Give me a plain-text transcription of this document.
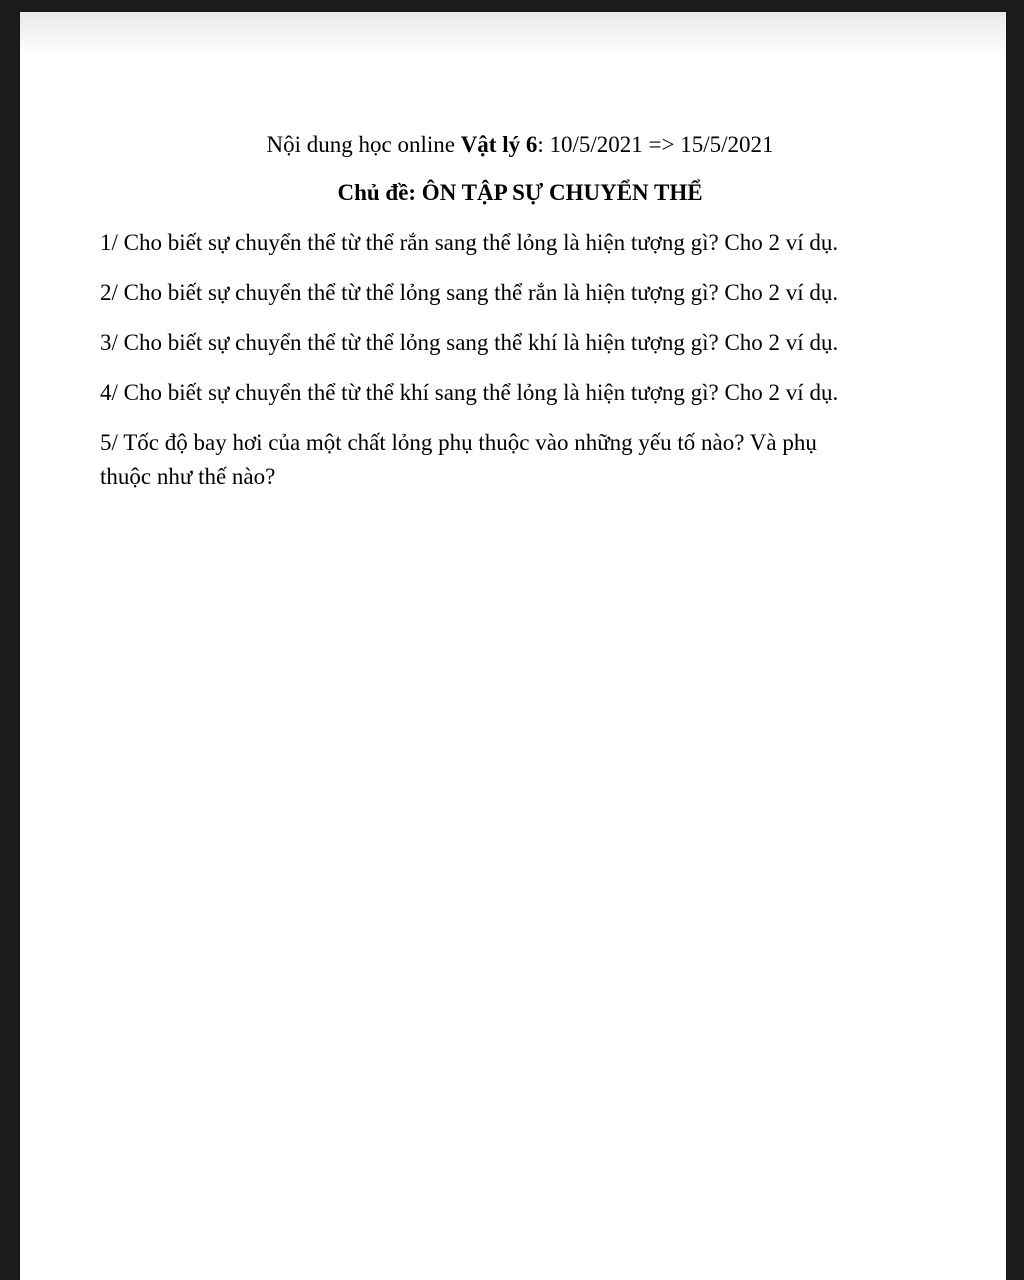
Nội dung học online Vật lý 6: 10/5/2021 => 15/5/2021

Chủ đề: ÔN TẬP SỰ CHUYỂN THỂ

1/ Cho biết sự chuyển thể từ thể rắn sang thể lỏng là hiện tượng gì? Cho 2 ví dụ.

2/ Cho biết sự chuyển thể từ thể lỏng sang thể rắn là hiện tượng gì? Cho 2 ví dụ.

3/ Cho biết sự chuyển thể từ thể lỏng sang thể khí là hiện tượng gì? Cho 2 ví dụ.

4/ Cho biết sự chuyển thể từ thể khí sang thể lỏng là hiện tượng gì? Cho 2 ví dụ.

5/ Tốc độ bay hơi của một chất lỏng phụ thuộc vào những yếu tố nào? Và phụ
thuộc như thế nào?
